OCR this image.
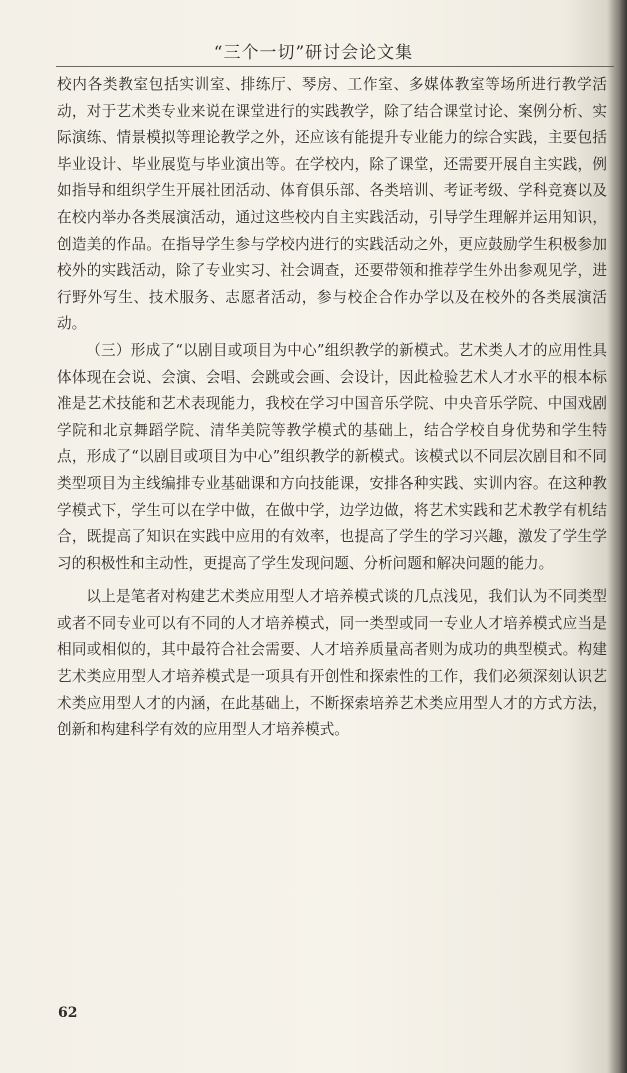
“三个一切”研讨会论文集

校内各类教室包括实训室、排练厅、琴房、工作室、多媒体教室等场所进行教学活动，对于艺术类专业来说在课堂进行的实践教学，除了结合课堂讨论、案例分析、实际演练、情景模拟等理论教学之外，还应该有能提升专业能力的综合实践，主要包括毕业设计、毕业展览与毕业演出等。在学校内，除了课堂，还需要开展自主实践，例如指导和组织学生开展社团活动、体育俱乐部、各类培训、考证考级、学科竞赛以及在校内举办各类展演活动，通过这些校内自主实践活动，引导学生理解并运用知识，创造美的作品。在指导学生参与学校内进行的实践活动之外，更应鼓励学生积极参加校外的实践活动，除了专业实习、社会调查，还要带领和推荐学生外出参观见学，进行野外写生、技术服务、志愿者活动，参与校企合作办学以及在校外的各类展演活动。

（三）形成了“以剧目或项目为中心”组织教学的新模式。艺术类人才的应用性具体体现在会说、会演、会唱、会跳或会画、会设计，因此检验艺术人才水平的根本标准是艺术技能和艺术表现能力，我校在学习中国音乐学院、中央音乐学院、中国戏剧学院和北京舞蹈学院、清华美院等教学模式的基础上，结合学校自身优势和学生特点，形成了“以剧目或项目为中心”组织教学的新模式。该模式以不同层次剧目和不同类型项目为主线编排专业基础课和方向技能课，安排各种实践、实训内容。在这种教学模式下，学生可以在学中做，在做中学，边学边做，将艺术实践和艺术教学有机结合，既提高了知识在实践中应用的有效率，也提高了学生的学习兴趣，激发了学生学习的积极性和主动性，更提高了学生发现问题、分析问题和解决问题的能力。

以上是笔者对构建艺术类应用型人才培养模式谈的几点浅见，我们认为不同类型或者不同专业可以有不同的人才培养模式，同一类型或同一专业人才培养模式应当是相同或相似的，其中最符合社会需要、人才培养质量高者则为成功的典型模式。构建艺术类应用型人才培养模式是一项具有开创性和探索性的工作，我们必须深刻认识艺术类应用型人才的内涵，在此基础上，不断探索培养艺术类应用型人才的方式方法，创新和构建科学有效的应用型人才培养模式。

62
